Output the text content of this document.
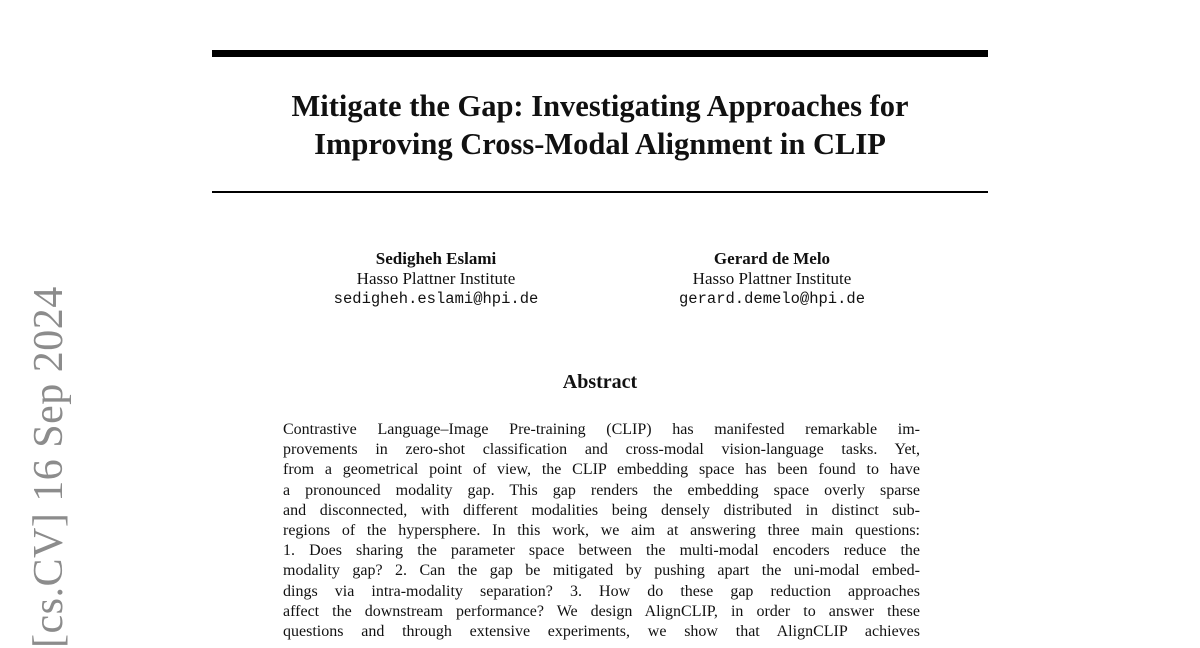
Mitigate the Gap: Investigating Approaches for
Improving Cross-Modal Alignment in CLIP
Sedigheh Eslami
Hasso Plattner Institute
sedigheh.eslami@hpi.de
Gerard de Melo
Hasso Plattner Institute
gerard.demelo@hpi.de
Abstract
Contrastive Language–Image Pre-training (CLIP) has manifested remarkable im-
provements in zero-shot classification and cross-modal vision-language tasks. Yet,
from a geometrical point of view, the CLIP embedding space has been found to have
a pronounced modality gap. This gap renders the embedding space overly sparse
and disconnected, with different modalities being densely distributed in distinct sub-
regions of the hypersphere. In this work, we aim at answering three main questions:
1. Does sharing the parameter space between the multi-modal encoders reduce the
modality gap? 2. Can the gap be mitigated by pushing apart the uni-modal embed-
dings via intra-modality separation? 3. How do these gap reduction approaches
affect the downstream performance? We design AlignCLIP, in order to answer these
questions and through extensive experiments, we show that AlignCLIP achieves
[cs.CV] 16 Sep 2024
